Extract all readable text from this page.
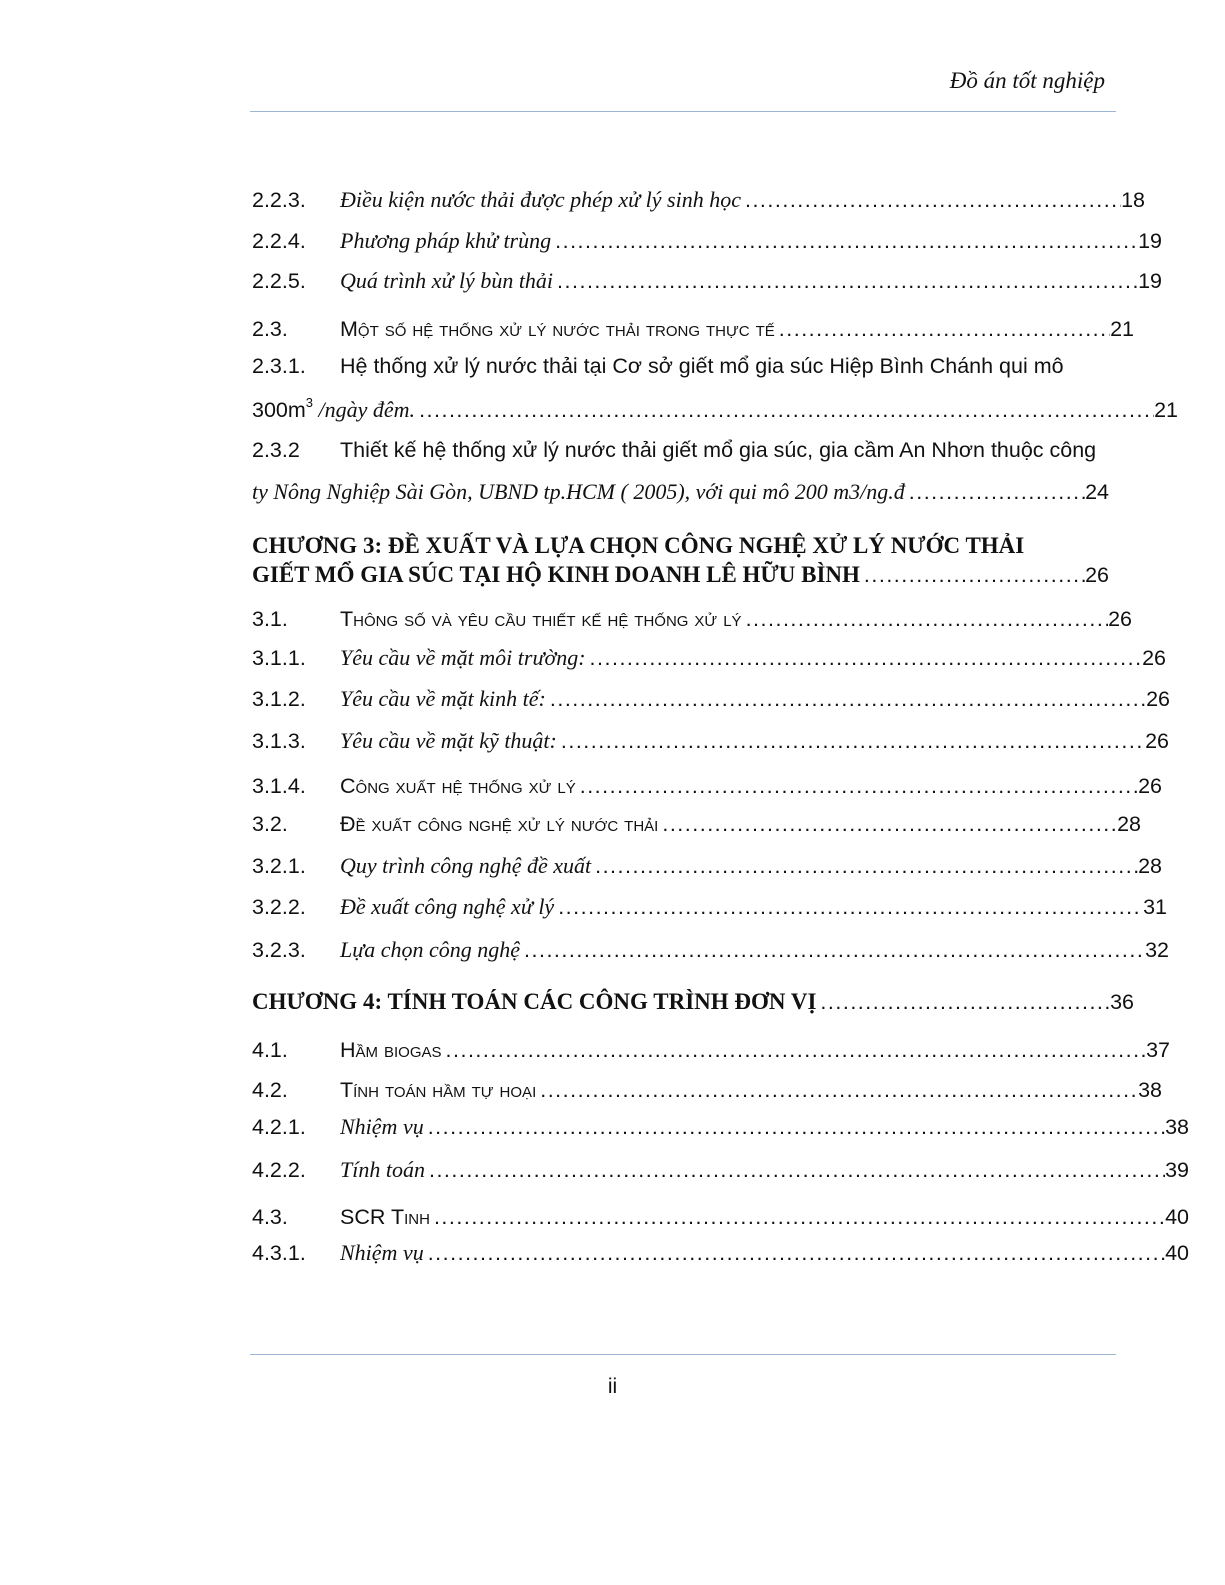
Đồ án tốt nghiệp
2.2.3.	Điều kiện nước thải được phép xử lý sinh học .....	18
2.2.4.	Phương pháp khử trùng .....	19
2.2.5.	Quá trình xử lý bùn thải .....	19
2.3.	Một số hệ thống xử lý nước thải trong thực tế .....	21
2.3.1. Hệ thống xử lý nước thải tại Cơ sở giết mổ gia súc Hiệp Bình Chánh qui mô
$300m^3$ /ngày đêm. .....	21
2.3.2 Thiết kế hệ thống xử lý nước thải giết mổ gia súc, gia cầm An Nhơn thuộc công
ty Nông Nghiệp Sài Gòn, UBND tp.HCM ( 2005), với qui mô 200 m3/ng.đ .....	24
CHƯƠNG 3: ĐỀ XUẤT VÀ LỰA CHỌN CÔNG NGHỆ XỬ LÝ NƯỚC THẢI
GIẾT MỔ GIA SÚC TẠI HỘ KINH DOANH LÊ HỮU BÌNH .....	26
3.1.	Thông số và yêu cầu thiết kế hệ thống xử lý .....	26
3.1.1.	Yêu cầu về mặt môi trường: .....	26
3.1.2.	Yêu cầu về mặt kinh tế: .....	26
3.1.3.	Yêu cầu về mặt kỹ thuật: .....	26
3.1.4.	Công xuất hệ thống xử lý .....	26
3.2.	Đề xuất công nghệ xử lý nước thải .....	28
3.2.1.	Quy trình công nghệ đề xuất .....	28
3.2.2.	Đề xuất công nghệ xử lý .....	31
3.2.3.	Lựa chọn công nghệ .....	32
CHƯƠNG 4: TÍNH TOÁN CÁC CÔNG TRÌNH ĐƠN VỊ .....	36
4.1.	Hầm biogas .....	37
4.2.	Tính toán hầm tự hoại .....	38
4.2.1.	Nhiệm vụ .....	38
4.2.2.	Tính toán .....	39
4.3.	SCR Tinh .....	40
4.3.1.	Nhiệm vụ .....	40
ii
